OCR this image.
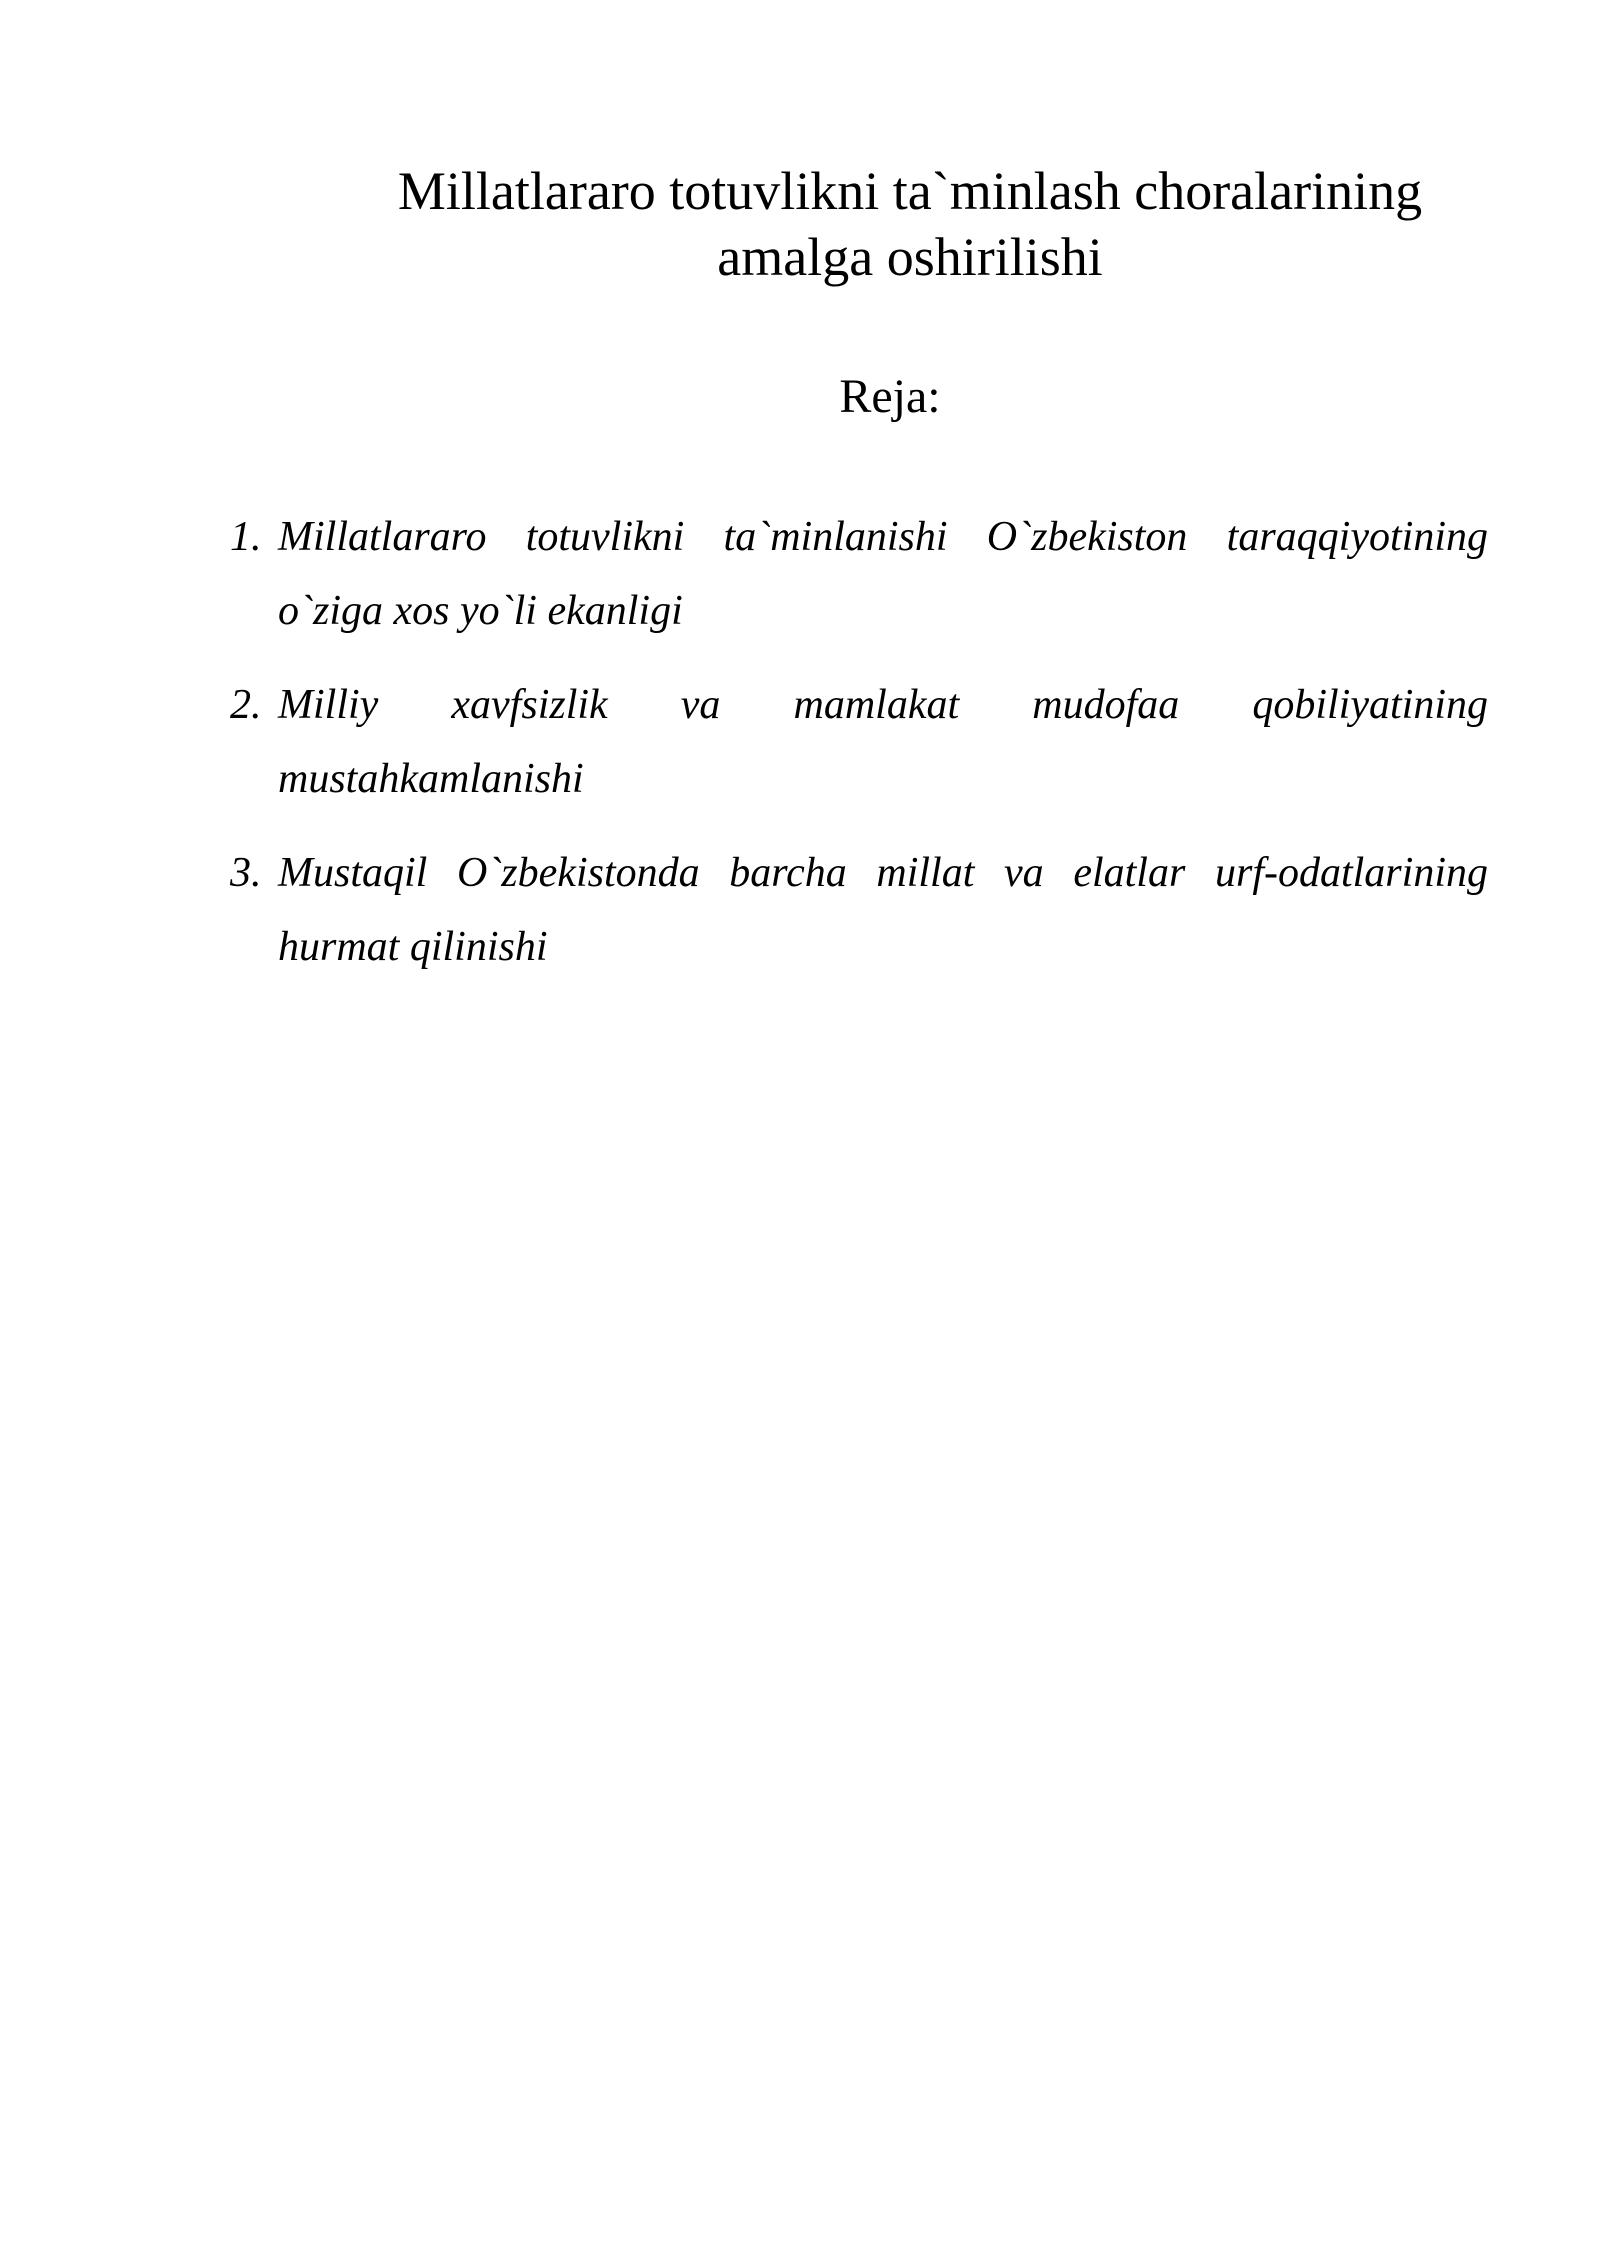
Millatlararo totuvlikni ta`minlash choralarining
amalga oshirilishi

Reja:

1. Millatlararo totuvlikni ta`minlanishi O`zbekiston taraqqiyotining o`ziga xos yo`li ekanligi
2. Milliy xavfsizlik va mamlakat mudofaa qobiliyatining mustahkamlanishi
3. Mustaqil O`zbekistonda barcha millat va elatlar urf-odatlarining hurmat qilinishi
